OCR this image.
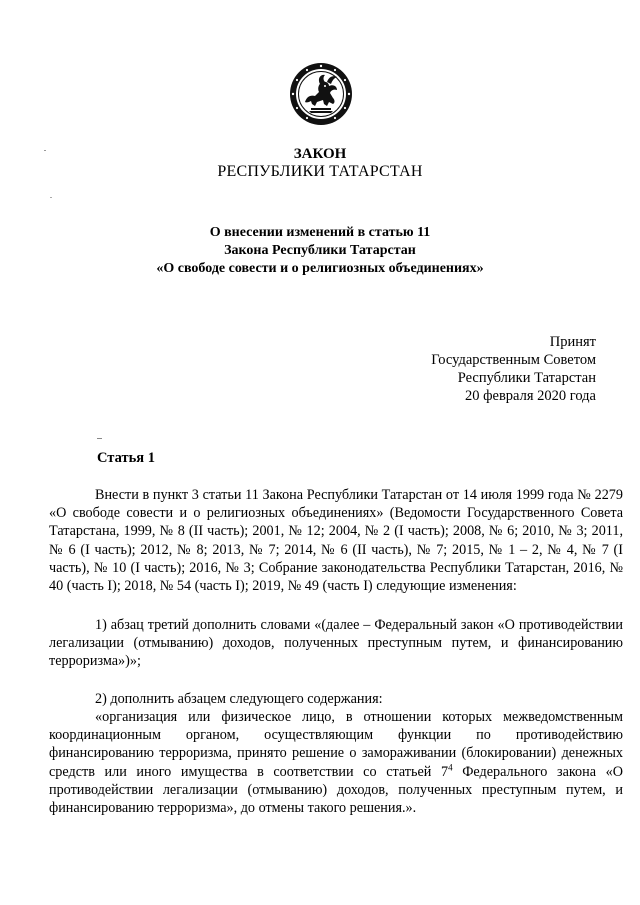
ЗАКОН
РЕСПУБЛИКИ ТАТАРСТАН
О внесении изменений в статью 11
Закона Республики Татарстан
«О свободе совести и о религиозных объединениях»
Принят
Государственным Советом
Республики Татарстан
20 февраля 2020 года
Статья 1
Внести в пункт 3 статьи 11 Закона Республики Татарстан от 14 июля 1999 года № 2279 «О свободе совести и о религиозных объединениях» (Ведомости Государственного Совета Татарстана, 1999, № 8 (II часть); 2001, № 12; 2004, № 2 (I часть); 2008, № 6; 2010, № 3; 2011, № 6 (I часть); 2012, № 8; 2013, № 7; 2014, № 6 (II часть), № 7; 2015, № 1 – 2, № 4, № 7 (I часть), № 10 (I часть); 2016, № 3; Собрание законодательства Республики Татарстан, 2016, № 40 (часть I); 2018, № 54 (часть I); 2019, № 49 (часть I) следующие изменения:
1) абзац третий дополнить словами «(далее – Федеральный закон «О противодействии легализации (отмыванию) доходов, полученных преступным путем, и финансированию терроризма»)»;
2) дополнить абзацем следующего содержания:
«организация или физическое лицо, в отношении которых межведомственным координационным органом, осуществляющим функции по противодействию финансированию терроризма, принято решение о замораживании (блокировании) денежных средств или иного имущества в соответствии со статьей $7^4$ Федерального закона «О противодействии легализации (отмыванию) доходов, полученных преступным путем, и финансированию терроризма», до отмены такого решения.».
